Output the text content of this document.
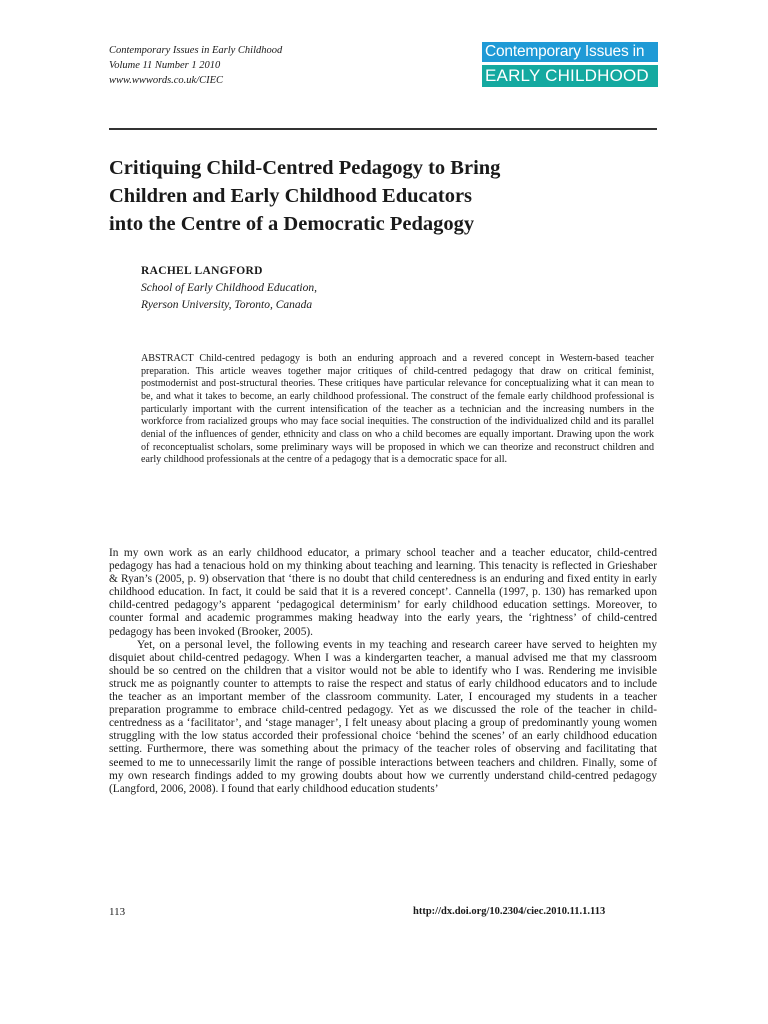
Contemporary Issues in Early Childhood
Volume 11 Number 1 2010
www.wwwords.co.uk/CIEC
Contemporary Issues in
EARLY CHILDHOOD
Critiquing Child-Centred Pedagogy to Bring
Children and Early Childhood Educators
into the Centre of a Democratic Pedagogy
RACHEL LANGFORD
School of Early Childhood Education,
Ryerson University, Toronto, Canada

ABSTRACT Child-centred pedagogy is both an enduring approach and a revered concept in Western-based teacher preparation. This article weaves together major critiques of child-centred pedagogy that draw on critical feminist, postmodernist and post-structural theories. These critiques have particular relevance for conceptualizing what it can mean to be, and what it takes to become, an early childhood professional. The construct of the female early childhood professional is particularly important with the current intensification of the teacher as a technician and the increasing numbers in the workforce from racialized groups who may face social inequities. The construction of the individualized child and its parallel denial of the influences of gender, ethnicity and class on who a child becomes are equally important. Drawing upon the work of reconceptualist scholars, some preliminary ways will be proposed in which we can theorize and reconstruct children and early childhood professionals at the centre of a pedagogy that is a democratic space for all.

In my own work as an early childhood educator, a primary school teacher and a teacher educator, child-centred pedagogy has had a tenacious hold on my thinking about teaching and learning. This tenacity is reflected in Grieshaber & Ryan’s (2005, p. 9) observation that ‘there is no doubt that child centeredness is an enduring and fixed entity in early childhood education. In fact, it could be said that it is a revered concept’. Cannella (1997, p. 130) has remarked upon child-centred pedagogy’s apparent ‘pedagogical determinism’ for early childhood education settings. Moreover, to counter formal and academic programmes making headway into the early years, the ‘rightness’ of child-centred pedagogy has been invoked (Brooker, 2005).

Yet, on a personal level, the following events in my teaching and research career have served to heighten my disquiet about child-centred pedagogy. When I was a kindergarten teacher, a manual advised me that my classroom should be so centred on the children that a visitor would not be able to identify who I was. Rendering me invisible struck me as poignantly counter to attempts to raise the respect and status of early childhood educators and to include the teacher as an important member of the classroom community. Later, I encouraged my students in a teacher preparation programme to embrace child-centred pedagogy. Yet as we discussed the role of the teacher in child-centredness as a ‘facilitator’, and ‘stage manager’, I felt uneasy about placing a group of predominantly young women struggling with the low status accorded their professional choice ‘behind the scenes’ of an early childhood education setting. Furthermore, there was something about the primacy of the teacher roles of observing and facilitating that seemed to me to unnecessarily limit the range of possible interactions between teachers and children. Finally, some of my own research findings added to my growing doubts about how we currently understand child-centred pedagogy (Langford, 2006, 2008). I found that early childhood education students’

113	http://dx.doi.org/10.2304/ciec.2010.11.1.113
